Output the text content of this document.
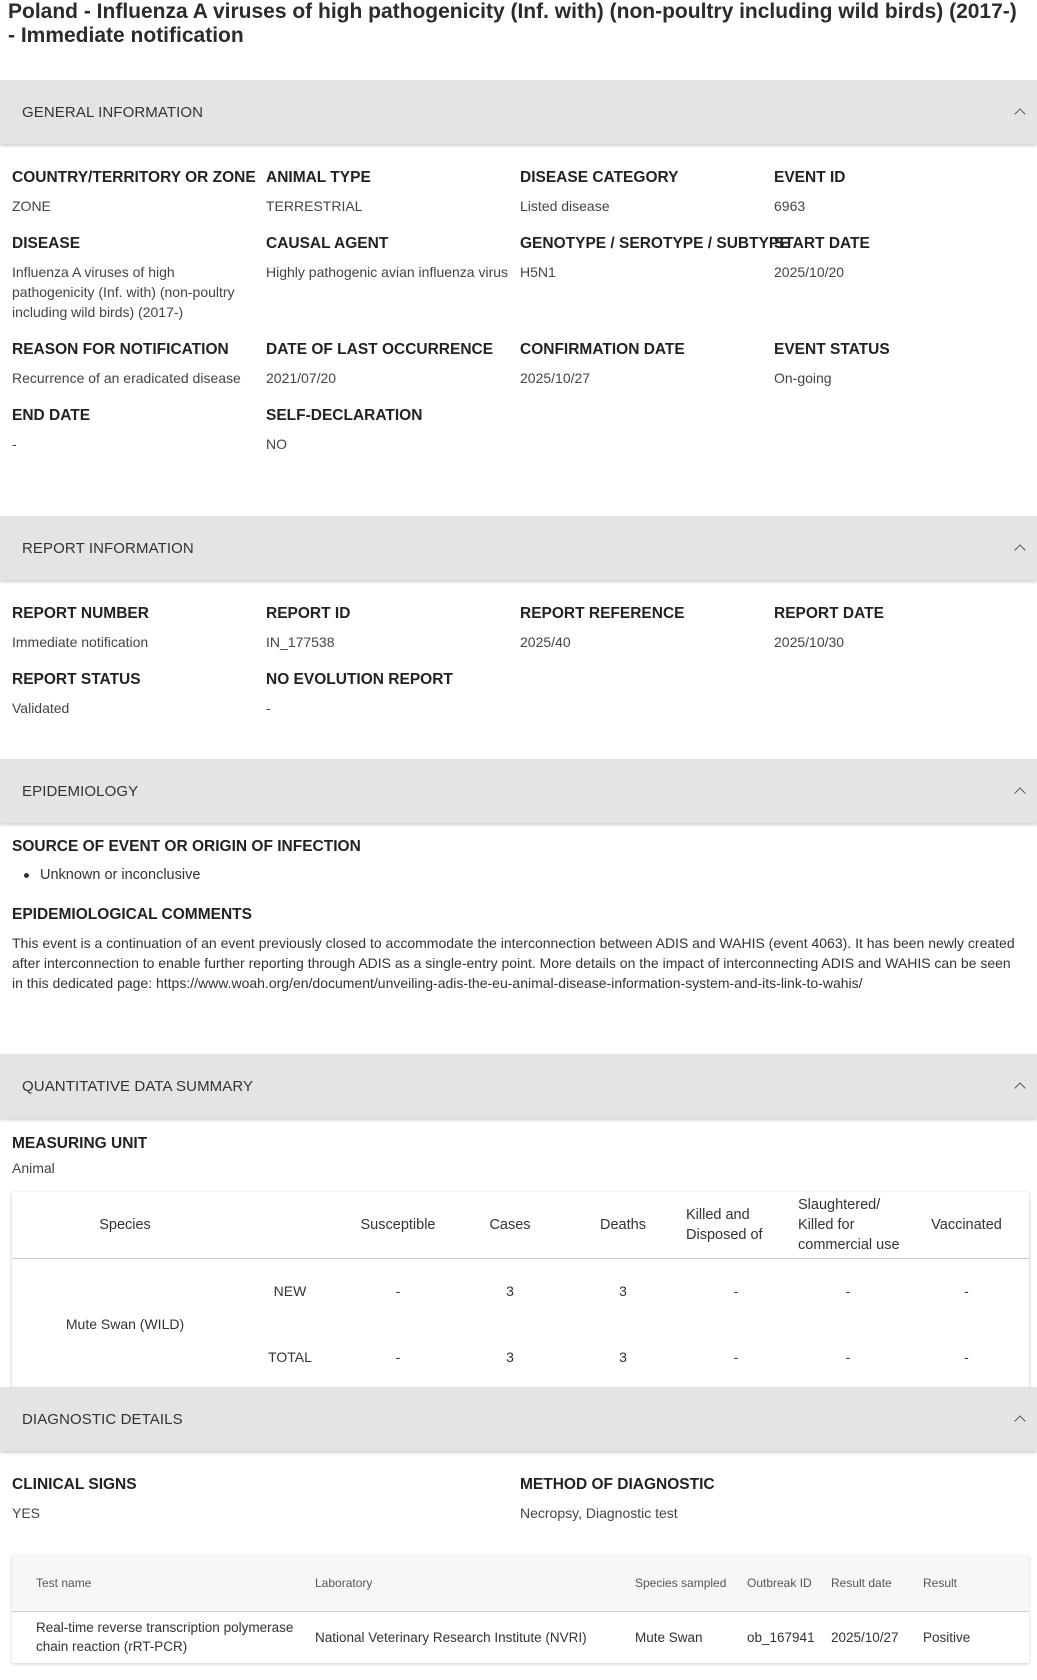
Poland - Influenza A viruses of high pathogenicity (Inf. with) (non-poultry including wild birds) (2017-) - Immediate notification
GENERAL INFORMATION
COUNTRY/TERRITORY OR ZONE
ZONE
ANIMAL TYPE
TERRESTRIAL
DISEASE CATEGORY
Listed disease
EVENT ID
6963
DISEASE
Influenza A viruses of high pathogenicity (Inf. with) (non-poultry including wild birds) (2017-)
CAUSAL AGENT
Highly pathogenic avian influenza virus
GENOTYPE / SEROTYPE / SUBTYPE
H5N1
START DATE
2025/10/20
REASON FOR NOTIFICATION
Recurrence of an eradicated disease
DATE OF LAST OCCURRENCE
2021/07/20
CONFIRMATION DATE
2025/10/27
EVENT STATUS
On-going
END DATE
-
SELF-DECLARATION
NO
REPORT INFORMATION
REPORT NUMBER
Immediate notification
REPORT ID
IN_177538
REPORT REFERENCE
2025/40
REPORT DATE
2025/10/30
REPORT STATUS
Validated
NO EVOLUTION REPORT
-
EPIDEMIOLOGY
SOURCE OF EVENT OR ORIGIN OF INFECTION
Unknown or inconclusive
EPIDEMIOLOGICAL COMMENTS

This event is a continuation of an event previously closed to accommodate the interconnection between ADIS and WAHIS (event 4063). It has been newly created after interconnection to enable further reporting through ADIS as a single-entry point. More details on the impact of interconnecting ADIS and WAHIS can be seen in this dedicated page: https://www.woah.org/en/document/unveiling-adis-the-eu-animal-disease-information-system-and-its-link-to-wahis/

QUANTITATIVE DATA SUMMARY
MEASURING UNIT
Animal
Species		Susceptible	Cases	Deaths	Killed and Disposed of	Slaughtered/ Killed for commercial use	Vaccinated
Mute Swan (WILD)	NEW	-	3	3	-	-	-
	TOTAL	-	3	3	-	-	-
DIAGNOSTIC DETAILS
CLINICAL SIGNS
YES
METHOD OF DIAGNOSTIC
Necropsy, Diagnostic test
Test name	Laboratory	Species sampled	Outbreak ID	Result date	Result
Real-time reverse transcription polymerase chain reaction (rRT-PCR)	National Veterinary Research Institute (NVRI)	Mute Swan	ob_167941	2025/10/27	Positive
